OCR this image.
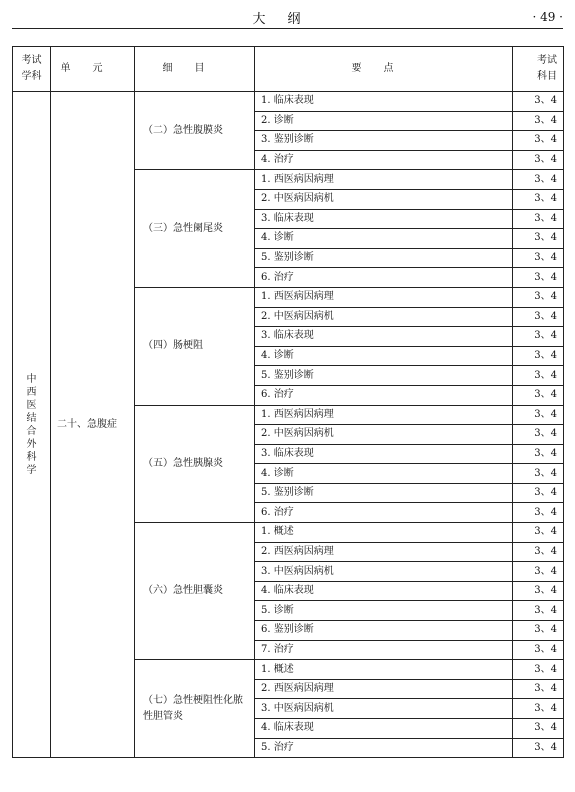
大纲	· 49 ·
考试
学科	单元	细目	要点	考试
科目
中西医结合外科学	二十、急腹症	（二）急性腹膜炎	1. 临床表现	3、4
			2. 诊断	3、4
			3. 鉴别诊断	3、4
			4. 治疗	3、4
		（三）急性阑尾炎	1. 西医病因病理	3、4
			2. 中医病因病机	3、4
			3. 临床表现	3、4
			4. 诊断	3、4
			5. 鉴别诊断	3、4
			6. 治疗	3、4
		（四）肠梗阻	1. 西医病因病理	3、4
			2. 中医病因病机	3、4
			3. 临床表现	3、4
			4. 诊断	3、4
			5. 鉴别诊断	3、4
			6. 治疗	3、4
		（五）急性胰腺炎	1. 西医病因病理	3、4
			2. 中医病因病机	3、4
			3. 临床表现	3、4
			4. 诊断	3、4
			5. 鉴别诊断	3、4
			6. 治疗	3、4
		（六）急性胆囊炎	1. 概述	3、4
			2. 西医病因病理	3、4
			3. 中医病因病机	3、4
			4. 临床表现	3、4
			5. 诊断	3、4
			6. 鉴别诊断	3、4
			7. 治疗	3、4
		（七）急性梗阻性化脓性胆管炎	1. 概述	3、4
			2. 西医病因病理	3、4
			3. 中医病因病机	3、4
			4. 临床表现	3、4
			5. 治疗	3、4
